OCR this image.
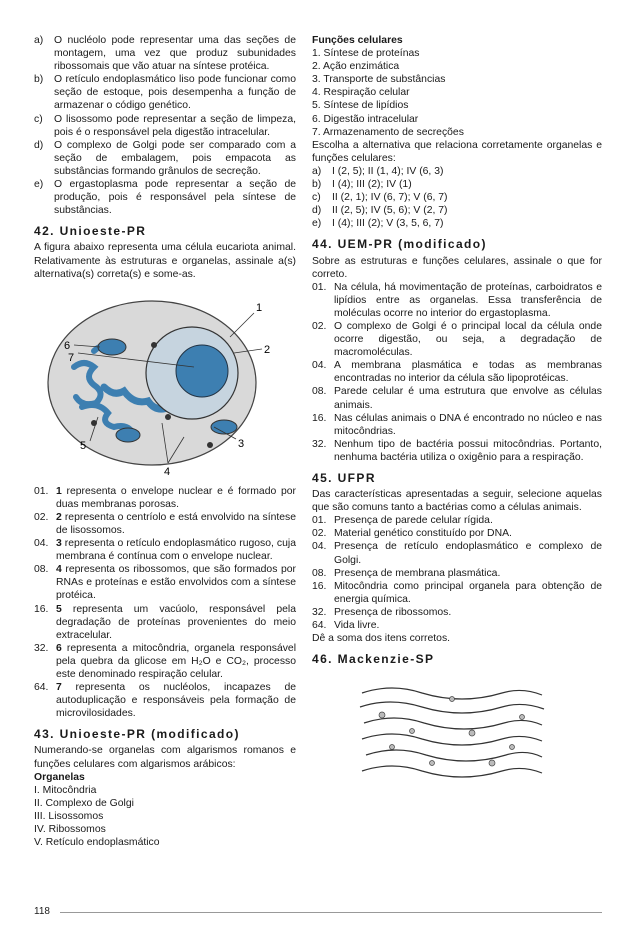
a)	O nucléolo pode representar uma das seções de montagem, uma vez que produz subunidades ribossomais que vão atuar na síntese protéica.
b)	O retículo endoplasmático liso pode funcionar como seção de estoque, pois desempenha a função de armazenar o código genético.
c)	O lisossomo pode representar a seção de limpeza, pois é o responsável pela digestão intracelular.
d)	O complexo de Golgi pode ser comparado com a seção de embalagem, pois empacota as substâncias formando grânulos de secreção.
e)	O ergastoplasma pode representar a seção de produção, pois é responsável pela síntese de substâncias.
42. Unioeste-PR

A figura abaixo representa uma célula eucariota animal. Relativamente às estruturas e organelas, assinale a(s) alternativa(s) correta(s) e some-as.

1
2
3
4
5
6
7
01. 1 representa o envelope nuclear e é formado por duas membranas porosas.
02. 2 representa o centríolo e está envolvido na síntese de lisossomos.
04. 3 representa o retículo endoplasmático rugoso, cuja membrana é contínua com o envelope nuclear.
08. 4 representa os ribossomos, que são formados por RNAs e proteínas e estão envolvidos com a síntese protéica.
16. 5 representa um vacúolo, responsável pela degradação de proteínas provenientes do meio extracelular.
32. 6 representa a mitocôndria, organela responsável pela quebra da glicose em H₂O e CO₂, processo este denominado respiração celular.
64. 7 representa os nucléolos, incapazes de autoduplicação e responsáveis pela formação de microvilosidades.
43. Unioeste-PR (modificado)

Numerando-se organelas com algarismos romanos e funções celulares com algarismos arábicos:

Organelas
I. Mitocôndria
II. Complexo de Golgi
III. Lisossomos
IV. Ribossomos
V. Retículo endoplasmático
Funções celulares
1. Síntese de proteínas
2. Ação enzimática
3. Transporte de substâncias
4. Respiração celular
5. Síntese de lipídios
6. Digestão intracelular
7. Armazenamento de secreções

Escolha a alternativa que relaciona corretamente organelas e funções celulares:

a)	I (2, 5); II (1, 4); IV (6, 3)
b)	I (4); III (2); IV (1)
c)	II (2, 1); IV (6, 7); V (6, 7)
d)	II (2, 5); IV (5, 6); V (2, 7)
e)	I (4); III (2); V (3, 5, 6, 7)
44. UEM-PR (modificado)

Sobre as estruturas e funções celulares, assinale o que for correto.

01. Na célula, há movimentação de proteínas, carboidratos e lipídios entre as organelas. Essa transferência de moléculas ocorre no interior do ergastoplasma.
02. O complexo de Golgi é o principal local da célula onde ocorre digestão, ou seja, a degradação de macromoléculas.
04. A membrana plasmática e todas as membranas encontradas no interior da célula são lipoprotéicas.
08. Parede celular é uma estrutura que envolve as células animais.
16. Nas células animais o DNA é encontrado no núcleo e nas mitocôndrias.
32. Nenhum tipo de bactéria possui mitocôndrias. Portanto, nenhuma bactéria utiliza o oxigênio para a respiração.
45. UFPR

Das características apresentadas a seguir, selecione aquelas que são comuns tanto a bactérias como a células animais.

01. Presença de parede celular rígida.
02. Material genético constituído por DNA.
04. Presença de retículo endoplasmático e complexo de Golgi.
08. Presença de membrana plasmática.
16. Mitocôndria como principal organela para obtenção de energia química.
32. Presença de ribossomos.
64. Vida livre.

Dê a soma dos itens corretos.

46. Mackenzie-SP
118
